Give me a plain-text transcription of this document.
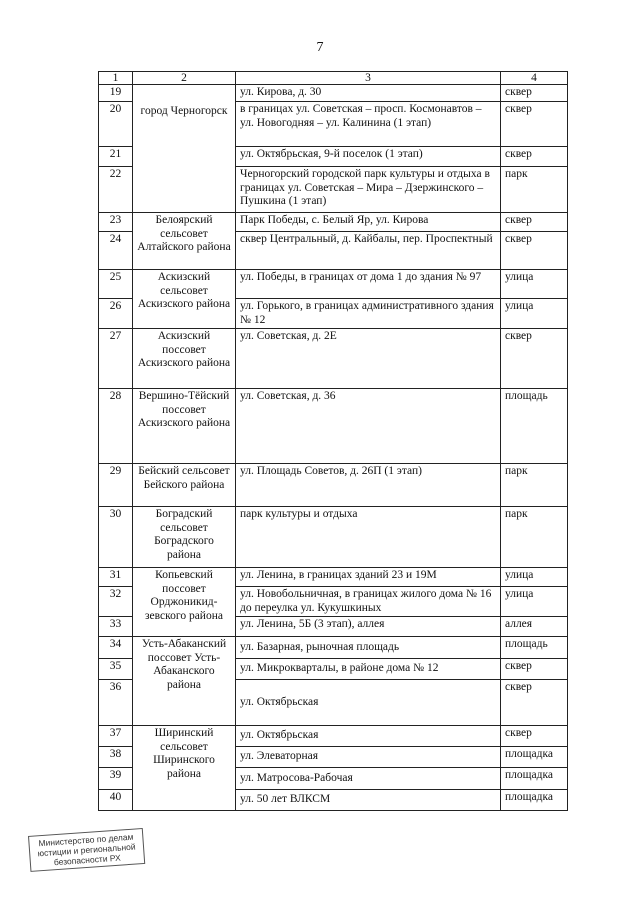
7
1	2	3	4
19	город Черногорск	ул. Кирова, д. 30	сквер
20		в границах ул. Советская – просп. Космонавтов – ул. Новогодняя – ул. Калинина (1 этап)	сквер
21		ул. Октябрьская, 9-й поселок (1 этап)	сквер
22		Черногорский городской парк культуры и отдыха в границах ул. Советская – Мира – Дзержинского – Пушкина (1 этап)	парк
23	Белоярский сельсовет Алтайского района	Парк Победы, с. Белый Яр, ул. Кирова	сквер
24		сквер Центральный, д. Кайбалы, пер. Проспектный	сквер
25	Аскизский сельсовет Аскизского района	ул. Победы, в границах от дома 1 до здания № 97	улица
26		ул. Горького, в границах административного здания № 12	улица
27	Аскизский поссовет Аскизского района	ул. Советская, д. 2Е	сквер
28	Вершино-Тёйский поссовет Аскизского района	ул. Советская, д. 36	площадь
29	Бейский сельсовет Бейского района	ул. Площадь Советов, д. 26П (1 этап)	парк
30	Боградский сельсовет Боградского района	парк культуры и отдыха	парк
31	Копьевский поссовет Орджоникид-зевского района	ул. Ленина, в границах зданий 23 и 19М	улица
32		ул. Новобольничная, в границах жилого дома № 16 до переулка ул. Кукушкиных	улица
33		ул. Ленина, 5Б (3 этап), аллея	аллея
34	Усть-Абаканский поссовет Усть-Абаканского района	ул. Базарная, рыночная площадь	площадь
35		ул. Микрокварталы, в районе дома № 12	сквер
36		ул. Октябрьская	сквер
37	Ширинский сельсовет Ширинского района	ул. Октябрьская	сквер
38		ул. Элеваторная	площадка
39		ул. Матросова-Рабочая	площадка
40		ул. 50 лет ВЛКСМ	площадка
Министерство по делам юстиции и региональной безопасности РХ
